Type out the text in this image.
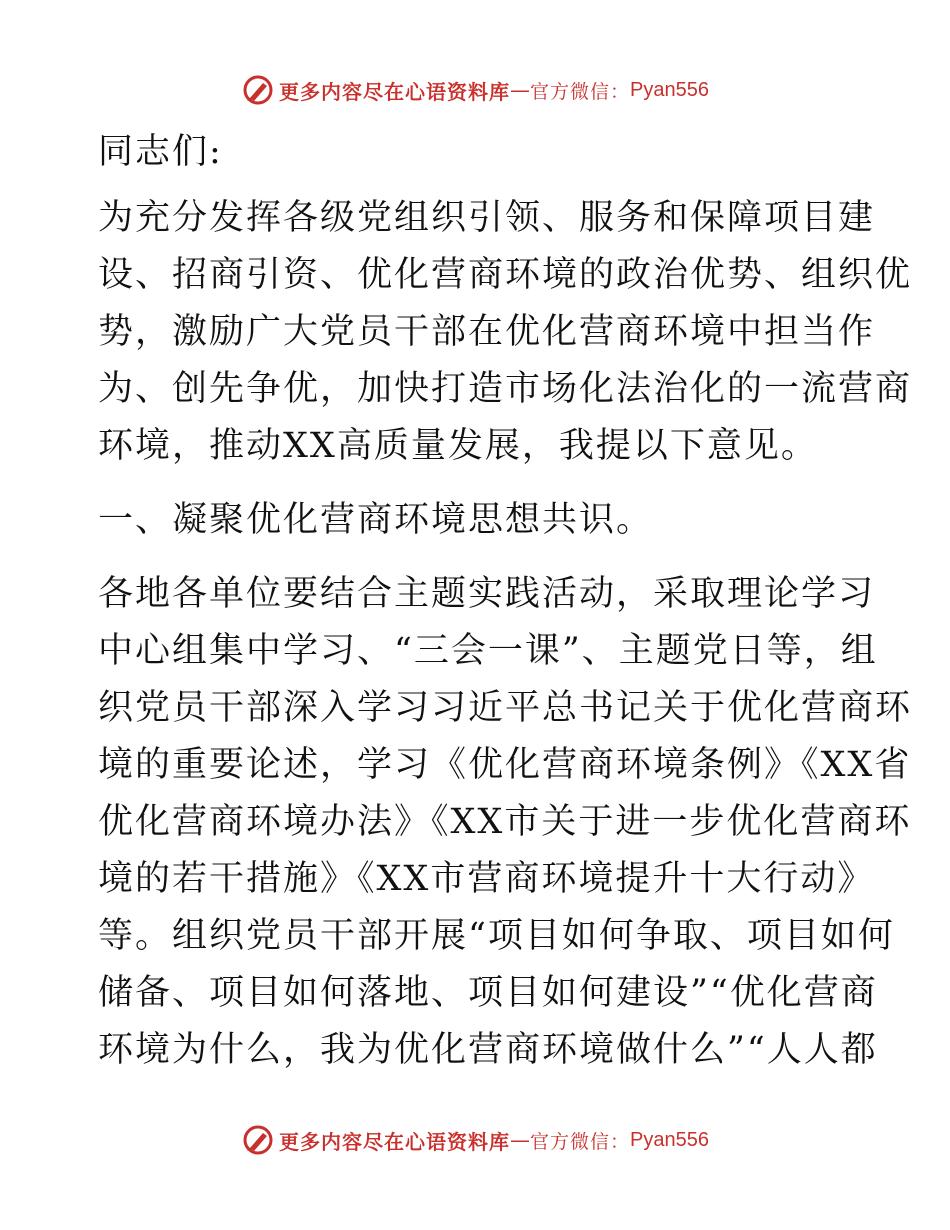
更多内容尽在心语资料库 — 官方微信： Pyan556

同志们:

为充分发挥各级党组织引领、服务和保障项目建

设、招商引资、优化营商环境的政治优势、组织优

势，激励广大党员干部在优化营商环境中担当作

为、创先争优，加快打造市场化法治化的一流营商

环境，推动XX高质量发展，我提以下意见。

一、凝聚优化营商环境思想共识。

各地各单位要结合主题实践活动，采取理论学习

中心组集中学习、“三会一课”、主题党日等，组

织党员干部深入学习习近平总书记关于优化营商环

境的重要论述，学习《优化营商环境条例》《XX省

优化营商环境办法》《XX市关于进一步优化营商环

境的若干措施》《XX市营商环境提升十大行动》

等。组织党员干部开展“项目如何争取、项目如何

储备、项目如何落地、项目如何建设”“优化营商

环境为什么，我为优化营商环境做什么”“人人都

更多内容尽在心语资料库 — 官方微信： Pyan556
